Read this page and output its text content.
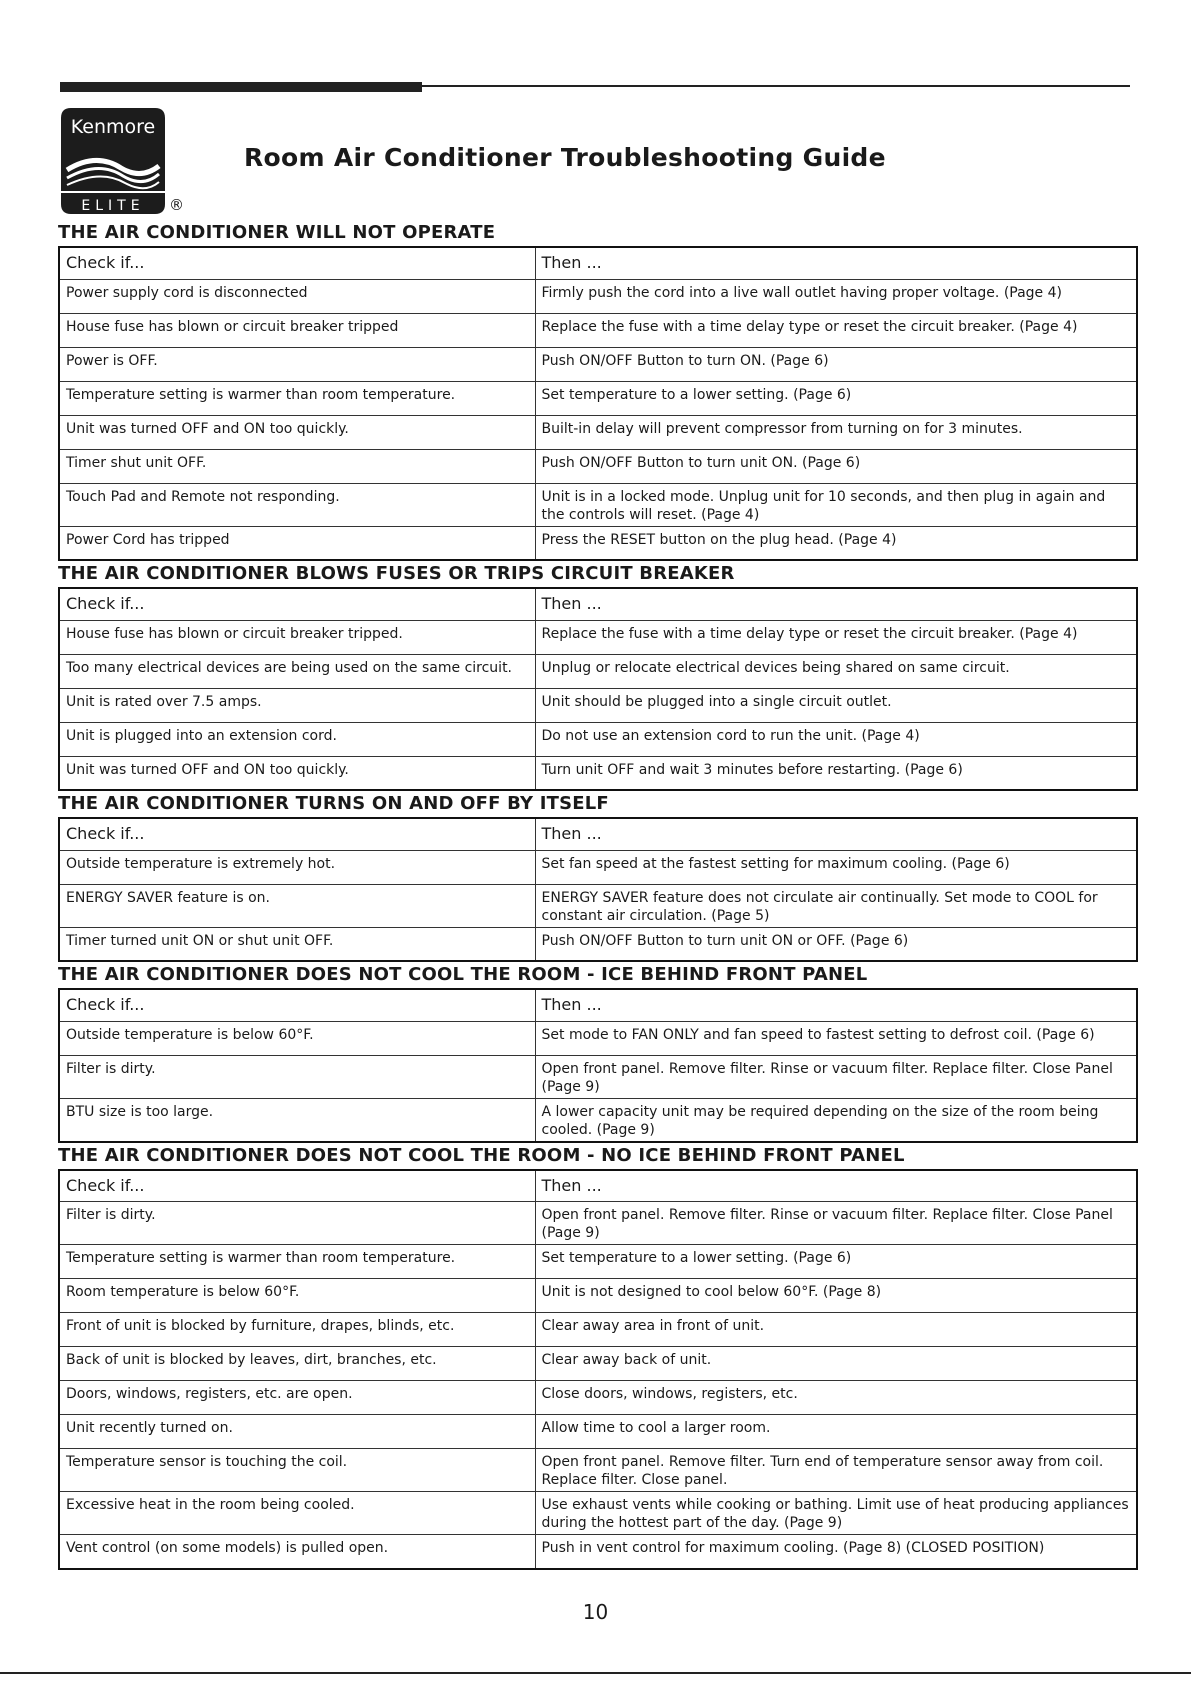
Kenmore
ELITE ®
Room Air Conditioner Troubleshooting Guide
THE AIR CONDITIONER WILL NOT OPERATE
Check if...	Then ...
Power supply cord is disconnected	Firmly push the cord into a live wall outlet having proper voltage. (Page 4)
House fuse has blown or circuit breaker tripped	Replace the fuse with a time delay type or reset the circuit breaker. (Page 4)
Power is OFF.	Push ON/OFF Button to turn ON. (Page 6)
Temperature setting is warmer than room temperature.	Set temperature to a lower setting. (Page 6)
Unit was turned OFF and ON too quickly.	Built-in delay will prevent compressor from turning on for 3 minutes.
Timer shut unit OFF.	Push ON/OFF Button to turn unit ON. (Page 6)
Touch Pad and Remote not responding.	Unit is in a locked mode. Unplug unit for 10 seconds, and then plug in again and the controls will reset. (Page 4)
Power Cord has tripped	Press the RESET button on the plug head. (Page 4)
THE AIR CONDITIONER BLOWS FUSES OR TRIPS CIRCUIT BREAKER
Check if...	Then ...
House fuse has blown or circuit breaker tripped.	Replace the fuse with a time delay type or reset the circuit breaker. (Page 4)
Too many electrical devices are being used on the same circuit.	Unplug or relocate electrical devices being shared on same circuit.
Unit is rated over 7.5 amps.	Unit should be plugged into a single circuit outlet.
Unit is plugged into an extension cord.	Do not use an extension cord to run the unit. (Page 4)
Unit was turned OFF and ON too quickly.	Turn unit OFF and wait 3 minutes before restarting. (Page 6)
THE AIR CONDITIONER TURNS ON AND OFF BY ITSELF
Check if...	Then ...
Outside temperature is extremely hot.	Set fan speed at the fastest setting for maximum cooling. (Page 6)
ENERGY SAVER feature is on.	ENERGY SAVER feature does not circulate air continually. Set mode to COOL for constant air circulation. (Page 5)
Timer turned unit ON or shut unit OFF.	Push ON/OFF Button to turn unit ON or OFF. (Page 6)
THE AIR CONDITIONER DOES NOT COOL THE ROOM - ICE BEHIND FRONT PANEL
Check if...	Then ...
Outside temperature is below 60°F.	Set mode to FAN ONLY and fan speed to fastest setting to defrost coil. (Page 6)
Filter is dirty.	Open front panel. Remove filter. Rinse or vacuum filter. Replace filter. Close Panel (Page 9)
BTU size is too large.	A lower capacity unit may be required depending on the size of the room being cooled. (Page 9)
THE AIR CONDITIONER DOES NOT COOL THE ROOM - NO ICE BEHIND FRONT PANEL
Check if...	Then ...
Filter is dirty.	Open front panel. Remove filter. Rinse or vacuum filter. Replace filter. Close Panel (Page 9)
Temperature setting is warmer than room temperature.	Set temperature to a lower setting. (Page 6)
Room temperature is below 60°F.	Unit is not designed to cool below 60°F. (Page 8)
Front of unit is blocked by furniture, drapes, blinds, etc.	Clear away area in front of unit.
Back of unit is blocked by leaves, dirt, branches, etc.	Clear away back of unit.
Doors, windows, registers, etc. are open.	Close doors, windows, registers, etc.
Unit recently turned on.	Allow time to cool a larger room.
Temperature sensor is touching the coil.	Open front panel. Remove filter. Turn end of temperature sensor away from coil. Replace filter. Close panel.
Excessive heat in the room being cooled.	Use exhaust vents while cooking or bathing. Limit use of heat producing appliances during the hottest part of the day. (Page 9)
Vent control (on some models) is pulled open.	Push in vent control for maximum cooling. (Page 8) (CLOSED POSITION)
10
